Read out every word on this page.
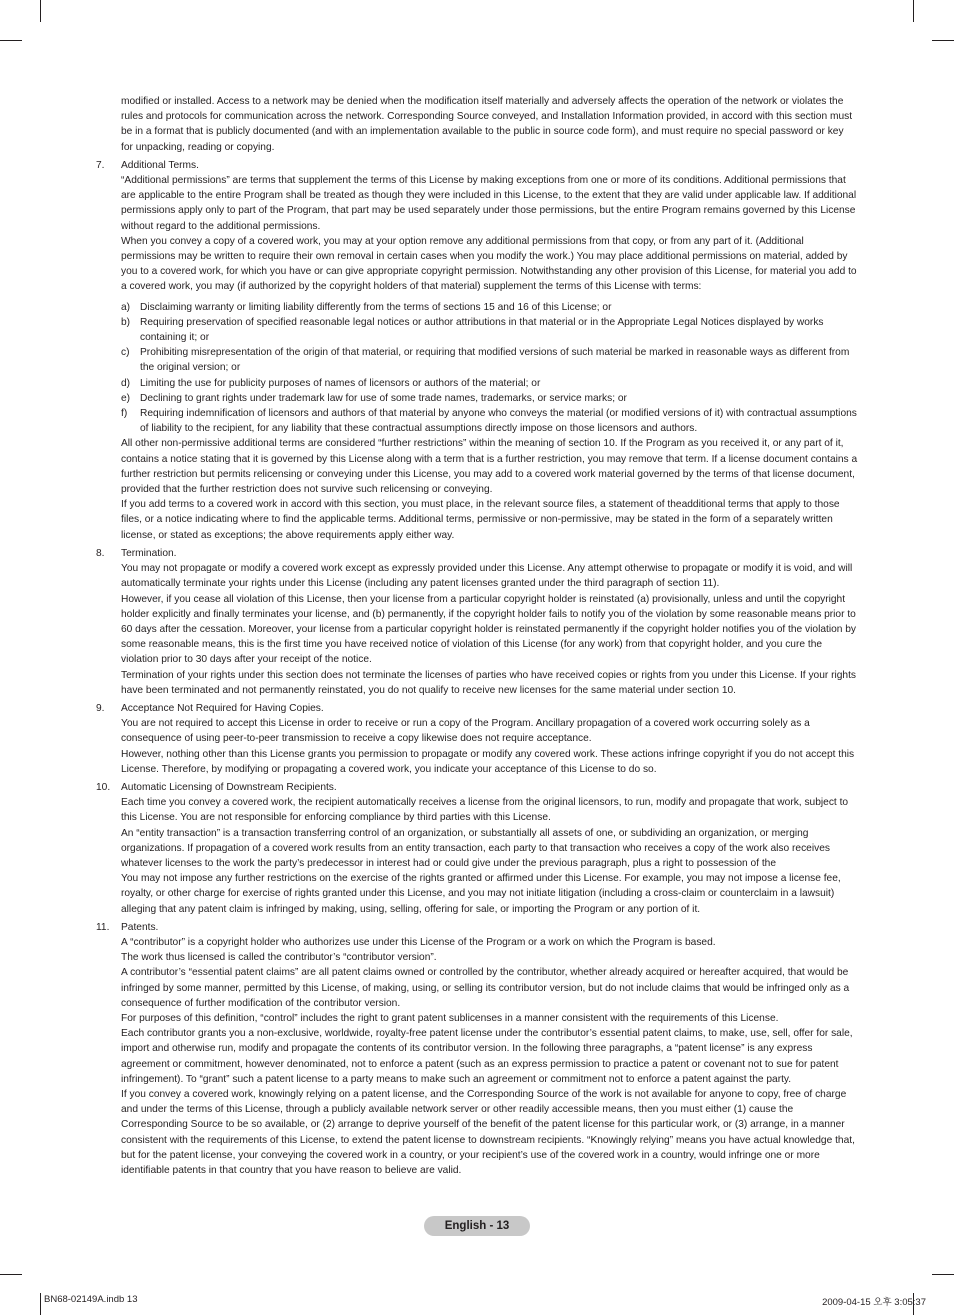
modified or installed. Access to a network may be denied when the modification itself materially and adversely affects the operation of the network or violates the rules and protocols for communication across the network. Corresponding Source conveyed, and Installation Information provided, in accord with this section must be in a format that is publicly documented (and with an implementation available to the public in source code form), and must require no special password or key for unpacking, reading or copying.
7.	Additional Terms.
“Additional permissions” are terms that supplement the terms of this License by making exceptions from one or more of its conditions. Additional permissions that are applicable to the entire Program shall be treated as though they were included in this License, to the extent that they are valid under applicable law. If additional permissions apply only to part of the Program, that part may be used separately under those permissions, but the entire Program remains governed by this License without regard to the additional permissions.
When you convey a copy of a covered work, you may at your option remove any additional permissions from that copy, or from any part of it. (Additional permissions may be written to require their own removal in certain cases when you modify the work.) You may place additional permissions on material, added by you to a covered work, for which you have or can give appropriate copyright permission. Notwithstanding any other provision of this License, for material you add to a covered work, you may (if authorized by the copyright holders of that material) supplement the terms of this License with terms:
a) Disclaiming warranty or limiting liability differently from the terms of sections 15 and 16 of this License; or
b) Requiring preservation of specified reasonable legal notices or author attributions in that material or in the Appropriate Legal Notices displayed by works containing it; or
c)	Prohibiting misrepresentation of the origin of that material, or requiring that modified versions of such material be marked in reasonable ways as different from the original version; or
d) Limiting the use for publicity purposes of names of licensors or authors of the material; or
e) Declining to grant rights under trademark law for use of some trade names, trademarks, or service marks; or
f)	Requiring indemnification of licensors and authors of that material by anyone who conveys the material (or modified versions of it) with contractual assumptions of liability to the recipient, for any liability that these contractual assumptions directly impose on those licensors and authors.
All other non-permissive additional terms are considered “further restrictions” within the meaning of section 10. If the Program as you received it, or any part of it, contains a notice stating that it is governed by this License along with a term that is a further restriction, you may remove that term. If a license document contains a further restriction but permits relicensing or conveying under this License, you may add to a covered work material governed by the terms of that license document, provided that the further restriction does not survive such relicensing or conveying.
If you add terms to a covered work in accord with this section, you must place, in the relevant source files, a statement of theadditional terms that apply to those files, or a notice indicating where to find the applicable terms. Additional terms, permissive or non-permissive, may be stated in the form of a separately written license, or stated as exceptions; the above requirements apply either way.
8.	Termination.
You may not propagate or modify a covered work except as expressly provided under this License. Any attempt otherwise to propagate or modify it is void, and will automatically terminate your rights under this License (including any patent licenses granted under the third paragraph of section 11).
However, if you cease all violation of this License, then your license from a particular copyright holder is reinstated (a) provisionally, unless and until the copyright holder explicitly and finally terminates your license, and (b) permanently, if the copyright holder fails to notify you of the violation by some reasonable means prior to 60 days after the cessation. Moreover, your license from a particular copyright holder is reinstated permanently if the copyright holder notifies you of the violation by some reasonable means, this is the first time you have received notice of violation of this License (for any work) from that copyright holder, and you cure the violation prior to 30 days after your receipt of the notice.
Termination of your rights under this section does not terminate the licenses of parties who have received copies or rights from you under this License. If your rights have been terminated and not permanently reinstated, you do not qualify to receive new licenses for the same material under section 10.
9.	Acceptance Not Required for Having Copies.
You are not required to accept this License in order to receive or run a copy of the Program. Ancillary propagation of a covered work occurring solely as a consequence of using peer-to-peer transmission to receive a copy likewise does not require acceptance.
However, nothing other than this License grants you permission to propagate or modify any covered work. These actions infringe copyright if you do not accept this License. Therefore, by modifying or propagating a covered work, you indicate your acceptance of this License to do so.
10.	Automatic Licensing of Downstream Recipients.
Each time you convey a covered work, the recipient automatically receives a license from the original licensors, to run, modify and propagate that work, subject to this License. You are not responsible for enforcing compliance by third parties with this License.
An “entity transaction” is a transaction transferring control of an organization, or substantially all assets of one, or subdividing an organization, or merging organizations. If propagation of a covered work results from an entity transaction, each party to that transaction who receives a copy of the work also receives whatever licenses to the work the party’s predecessor in interest had or could give under the previous paragraph, plus a right to possession of the
You may not impose any further restrictions on the exercise of the rights granted or affirmed under this License. For example, you may not impose a license fee, royalty, or other charge for exercise of rights granted under this License, and you may not initiate litigation (including a cross-claim or counterclaim in a lawsuit) alleging that any patent claim is infringed by making, using, selling, offering for sale, or importing the Program or any portion of it.
11.	Patents.
A “contributor” is a copyright holder who authorizes use under this License of the Program or a work on which the Program is based.
The work thus licensed is called the contributor’s “contributor version”.
A contributor’s “essential patent claims” are all patent claims owned or controlled by the contributor, whether already acquired or hereafter acquired, that would be infringed by some manner, permitted by this License, of making, using, or selling its contributor version, but do not include claims that would be infringed only as a consequence of further modification of the contributor version.
For purposes of this definition, “control” includes the right to grant patent sublicenses in a manner consistent with the requirements of this License.
Each contributor grants you a non-exclusive, worldwide, royalty-free patent license under the contributor’s essential patent claims, to make, use, sell, offer for sale, import and otherwise run, modify and propagate the contents of its contributor version. In the following three paragraphs, a “patent license” is any express agreement or commitment, however denominated, not to enforce a patent (such as an express permission to practice a patent or covenant not to sue for patent infringement). To “grant” such a patent license to a party means to make such an agreement or commitment not to enforce a patent against the party.
If you convey a covered work, knowingly relying on a patent license, and the Corresponding Source of the work is not available for anyone to copy, free of charge and under the terms of this License, through a publicly available network server or other readily accessible means, then you must either (1) cause the Corresponding Source to be so available, or (2) arrange to deprive yourself of the benefit of the patent license for this particular work, or (3) arrange, in a manner consistent with the requirements of this License, to extend the patent license to downstream recipients. “Knowingly relying” means you have actual knowledge that, but for the patent license, your conveying the covered work in a country, or your recipient’s use of the covered work in a country, would infringe one or more identifiable patents in that country that you have reason to believe are valid.
English - 13
BN68-02149A.indb 13	2009-04-15 오후 3:05:37
